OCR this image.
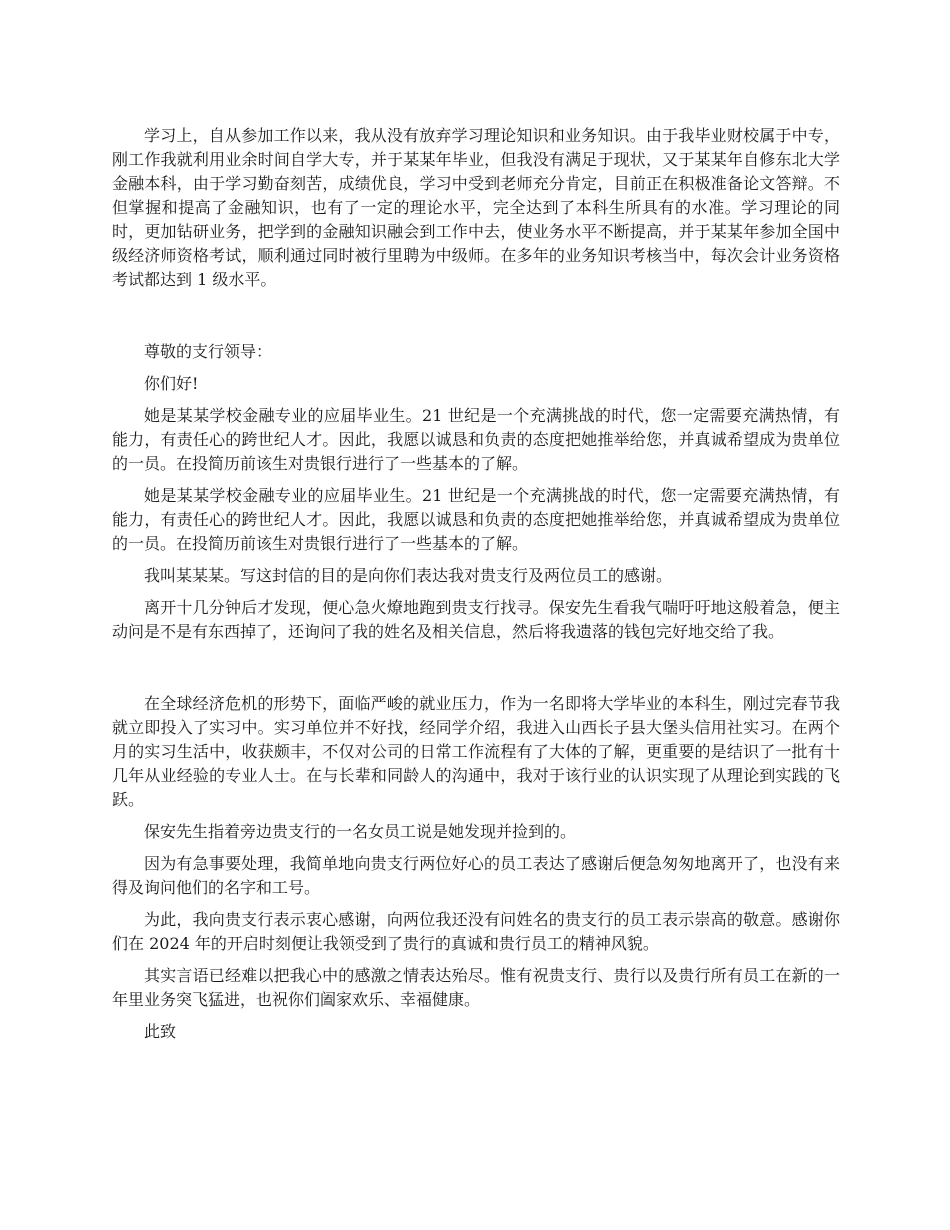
学习上，自从参加工作以来，我从没有放弃学习理论知识和业务知识。由于我毕业财校属于中专，刚工作我就利用业余时间自学大专，并于某某年毕业，但我没有满足于现状，又于某某年自修东北大学金融本科，由于学习勤奋刻苦，成绩优良，学习中受到老师充分肯定，目前正在积极准备论文答辩。不但掌握和提高了金融知识，也有了一定的理论水平，完全达到了本科生所具有的水准。学习理论的同时，更加钻研业务，把学到的金融知识融会到工作中去，使业务水平不断提高，并于某某年参加全国中级经济师资格考试，顺利通过同时被行里聘为中级师。在多年的业务知识考核当中，每次会计业务资格考试都达到 1 级水平。

尊敬的支行领导：

你们好!

她是某某学校金融专业的应届毕业生。21 世纪是一个充满挑战的时代，您一定需要充满热情，有能力，有责任心的跨世纪人才。因此，我愿以诚恳和负责的态度把她推举给您，并真诚希望成为贵单位的一员。在投简历前该生对贵银行进行了一些基本的了解。

她是某某学校金融专业的应届毕业生。21 世纪是一个充满挑战的时代，您一定需要充满热情，有能力，有责任心的跨世纪人才。因此，我愿以诚恳和负责的态度把她推举给您，并真诚希望成为贵单位的一员。在投简历前该生对贵银行进行了一些基本的了解。

我叫某某某。写这封信的目的是向你们表达我对贵支行及两位员工的感谢。

离开十几分钟后才发现，便心急火燎地跑到贵支行找寻。保安先生看我气喘吁吁地这般着急，便主动问是不是有东西掉了，还询问了我的姓名及相关信息，然后将我遗落的钱包完好地交给了我。

在全球经济危机的形势下，面临严峻的就业压力，作为一名即将大学毕业的本科生，刚过完春节我就立即投入了实习中。实习单位并不好找，经同学介绍，我进入山西长子县大堡头信用社实习。在两个月的实习生活中，收获颇丰，不仅对公司的日常工作流程有了大体的了解，更重要的是结识了一批有十几年从业经验的专业人士。在与长辈和同龄人的沟通中，我对于该行业的认识实现了从理论到实践的飞跃。

保安先生指着旁边贵支行的一名女员工说是她发现并捡到的。

因为有急事要处理，我简单地向贵支行两位好心的员工表达了感谢后便急匆匆地离开了，也没有来得及询问他们的名字和工号。

为此，我向贵支行表示衷心感谢，向两位我还没有问姓名的贵支行的员工表示崇高的敬意。感谢你们在 2024 年的开启时刻便让我领受到了贵行的真诚和贵行员工的精神风貌。

其实言语已经难以把我心中的感激之情表达殆尽。惟有祝贵支行、贵行以及贵行所有员工在新的一年里业务突飞猛进，也祝你们阖家欢乐、幸福健康。

此致
